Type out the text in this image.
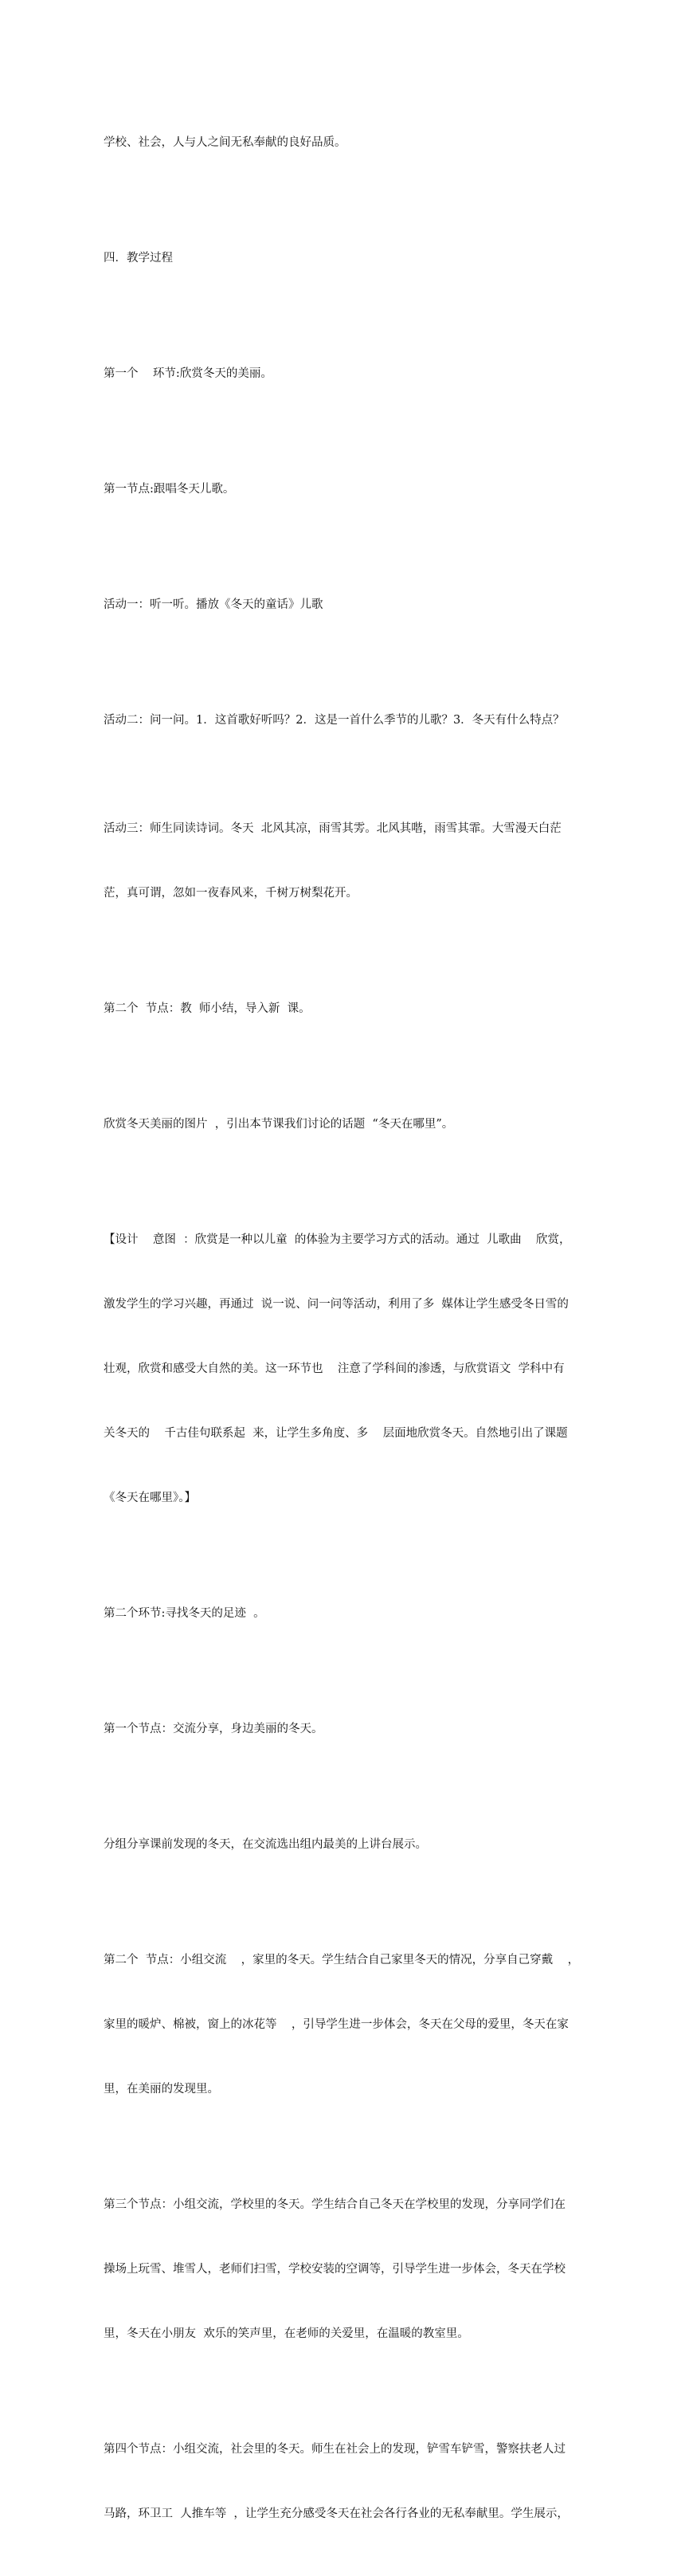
学校、社会，人与人之间无私奉献的良好品质。

四．教学过程

第一个    环节:欣赏冬天的美丽。

第一节点:跟唱冬天儿歌。

活动一：听一听。播放《冬天的童话》儿歌

活动二：问一问。1．这首歌好听吗？2．这是一首什么季节的儿歌？3．冬天有什么特点？

活动三：师生同读诗词。冬天  北风其凉，雨雪其雱。北风其喈，雨雪其霏。大雪漫天白茫

茫，真可谓，忽如一夜春风来，千树万树梨花开。

第二个  节点：教  师小结，导入新  课。

欣赏冬天美丽的图片  ，引出本节课我们讨论的话题  “冬天在哪里”。

【设计    意图  ：欣赏是一种以儿童  的体验为主要学习方式的活动。通过  儿歌曲    欣赏，

激发学生的学习兴趣，再通过  说一说、问一问等活动，利用了多  媒体让学生感受冬日雪的

壮观，欣赏和感受大自然的美。这一环节也    注意了学科间的渗透，与欣赏语文  学科中有

关冬天的    千古佳句联系起  来，让学生多角度、多    层面地欣赏冬天。自然地引出了课题

《冬天在哪里》。】

第二个环节:寻找冬天的足迹  。

第一个节点：交流分享，身边美丽的冬天。

分组分享课前发现的冬天，在交流选出组内最美的上讲台展示。

第二个  节点：小组交流    ，家里的冬天。学生结合自己家里冬天的情况，分享自己穿戴    ，

家里的暖炉、棉被，窗上的冰花等    ，引导学生进一步体会，冬天在父母的爱里，冬天在家

里，在美丽的发现里。

第三个节点：小组交流，学校里的冬天。学生结合自己冬天在学校里的发现，分享同学们在

操场上玩雪、堆雪人，老师们扫雪，学校安装的空调等，引导学生进一步体会，冬天在学校

里，冬天在小朋友  欢乐的笑声里，在老师的关爱里，在温暖的教室里。

第四个节点：小组交流，社会里的冬天。师生在社会上的发现，铲雪车铲雪，警察扶老人过

马路，环卫工  人推车等  ，让学生充分感受冬天在社会各行各业的无私奉献里。学生展示，
